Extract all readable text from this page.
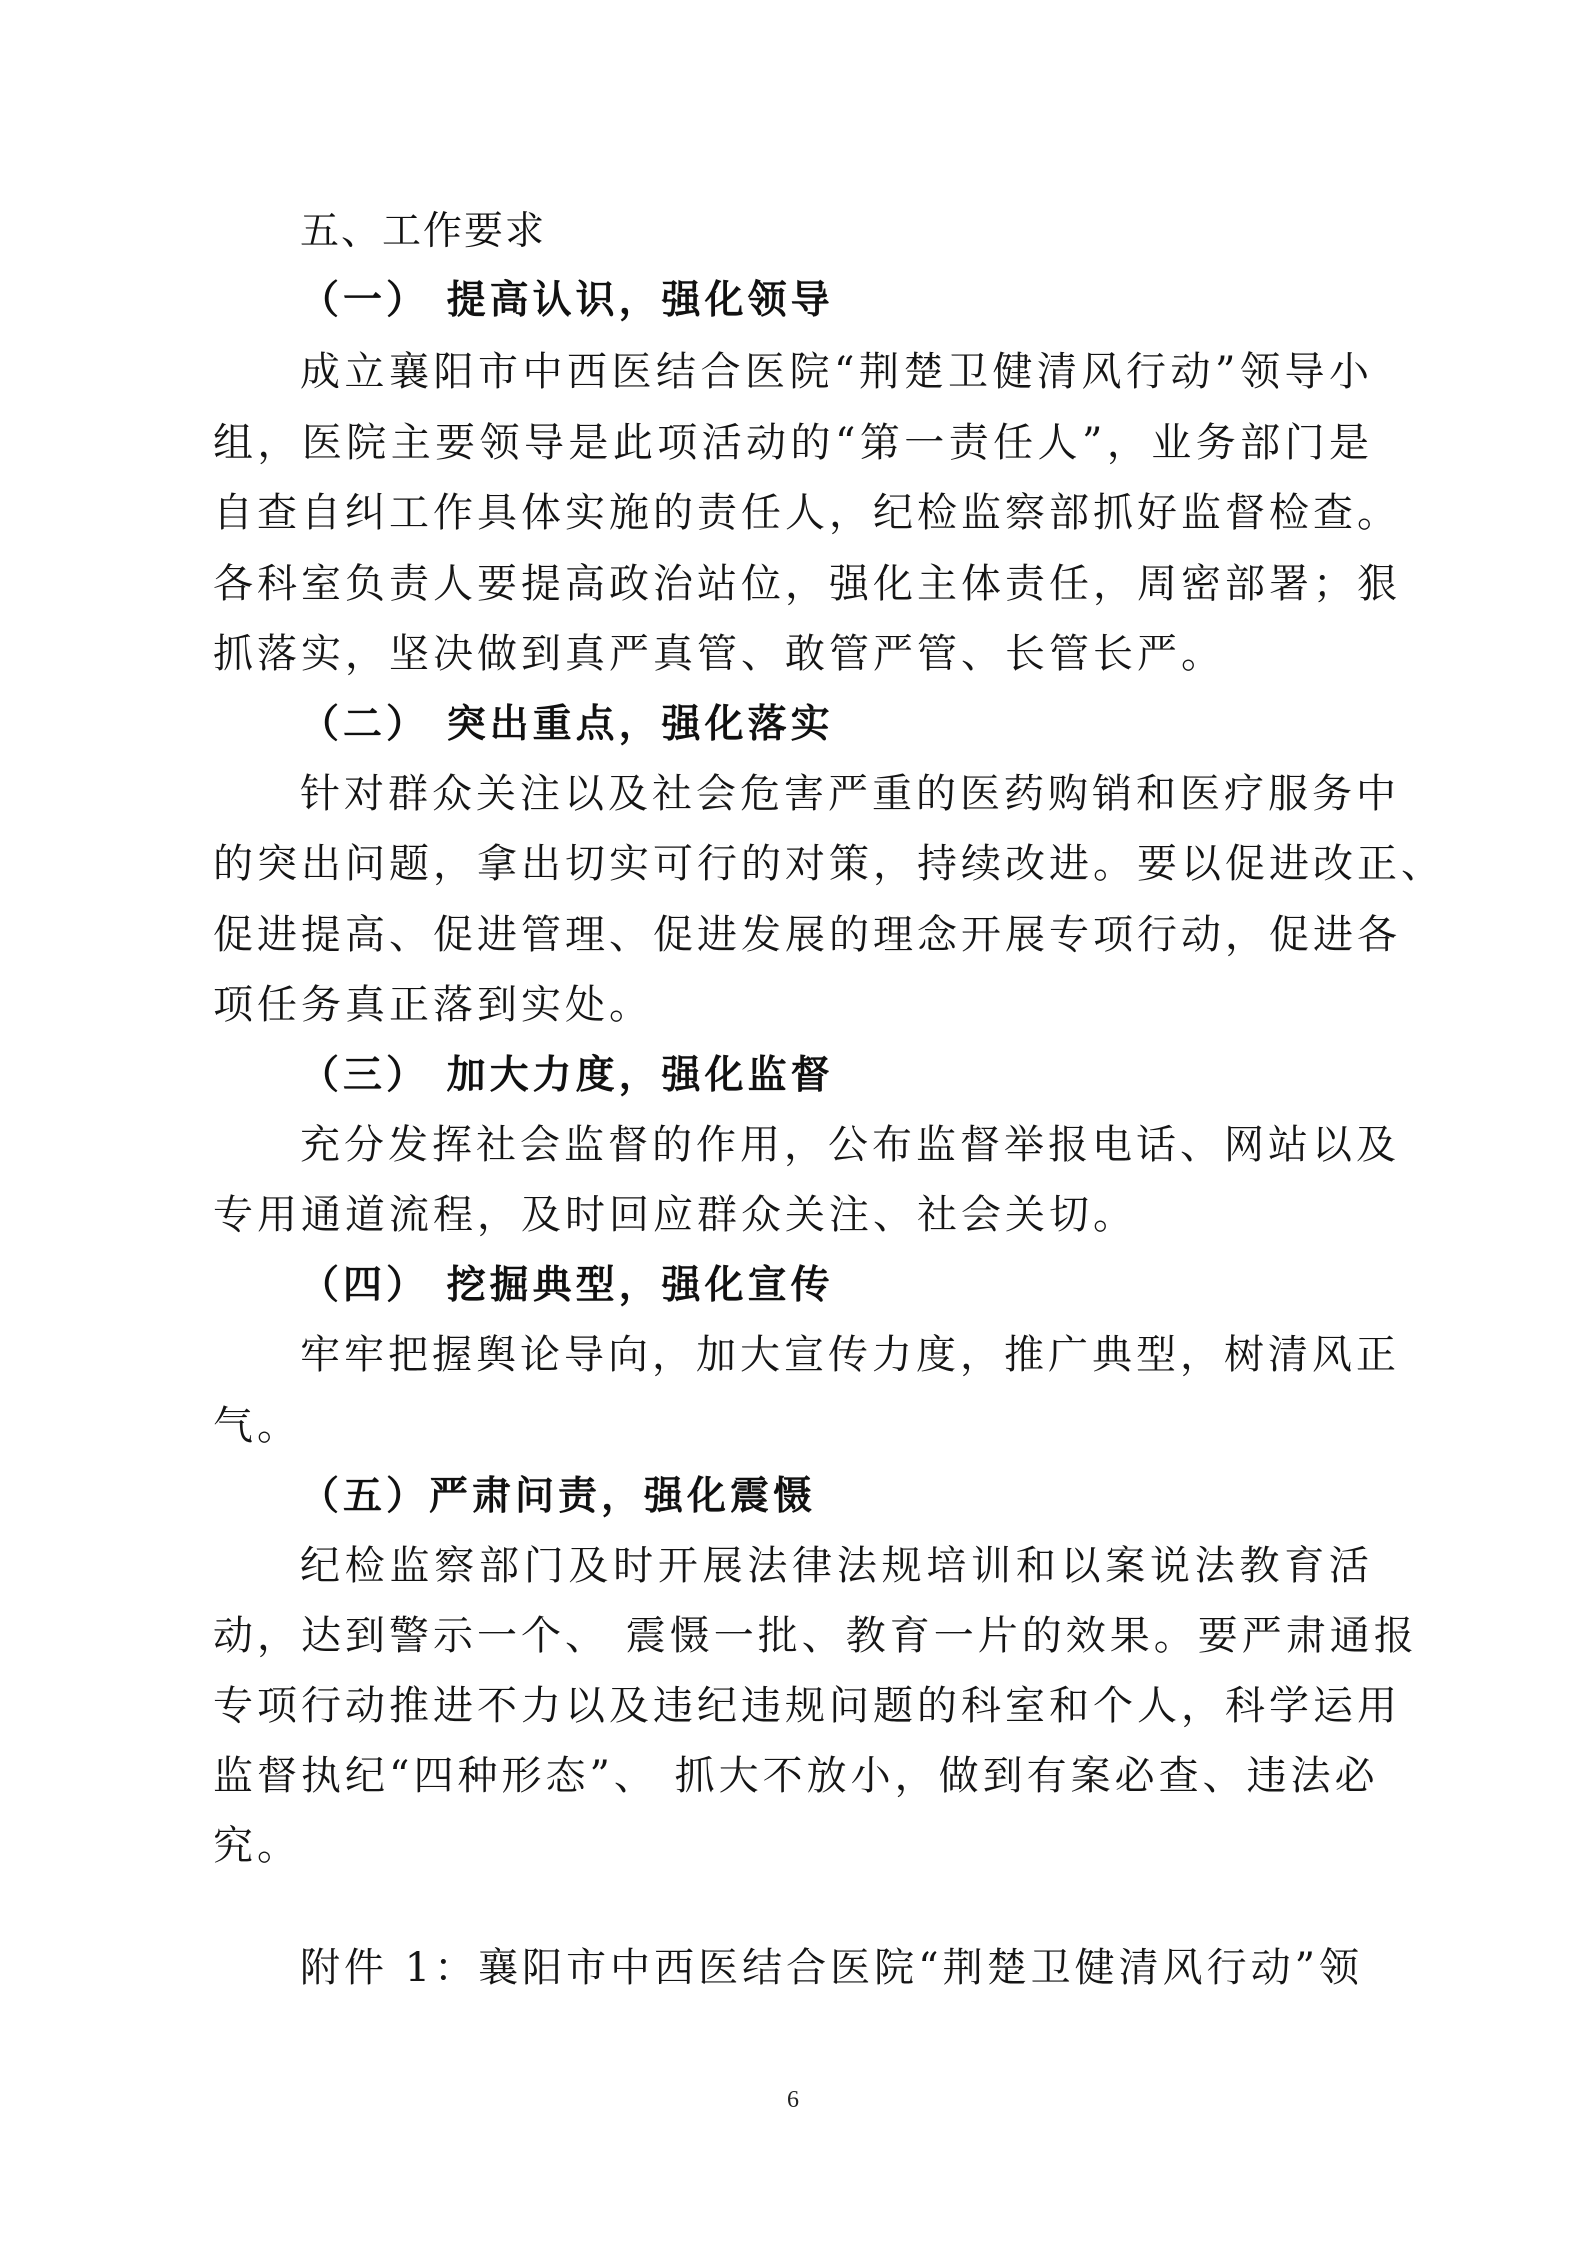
五、工作要求
（一） 提高认识，强化领导
成立襄阳市中西医结合医院“荆楚卫健清风行动”领导小
组，医院主要领导是此项活动的“第一责任人”，业务部门是
自查自纠工作具体实施的责任人，纪检监察部抓好监督检查。
各科室负责人要提高政治站位，强化主体责任，周密部署；狠
抓落实，坚决做到真严真管、敢管严管、长管长严。
（二） 突出重点，强化落实
针对群众关注以及社会危害严重的医药购销和医疗服务中
的突出问题，拿出切实可行的对策，持续改进。要以促进改正、
促进提高、促进管理、促进发展的理念开展专项行动，促进各
项任务真正落到实处。
（三） 加大力度，强化监督
充分发挥社会监督的作用，公布监督举报电话、网站以及
专用通道流程，及时回应群众关注、社会关切。
（四） 挖掘典型，强化宣传
牢牢把握舆论导向，加大宣传力度，推广典型，树清风正
气。
（五）严肃问责，强化震慑
纪检监察部门及时开展法律法规培训和以案说法教育活
动，达到警示一个、 震慑一批、教育一片的效果。要严肃通报
专项行动推进不力以及违纪违规问题的科室和个人，科学运用
监督执纪“四种形态”、 抓大不放小，做到有案必查、违法必
究。
附件 1：襄阳市中西医结合医院“荆楚卫健清风行动”领
6
